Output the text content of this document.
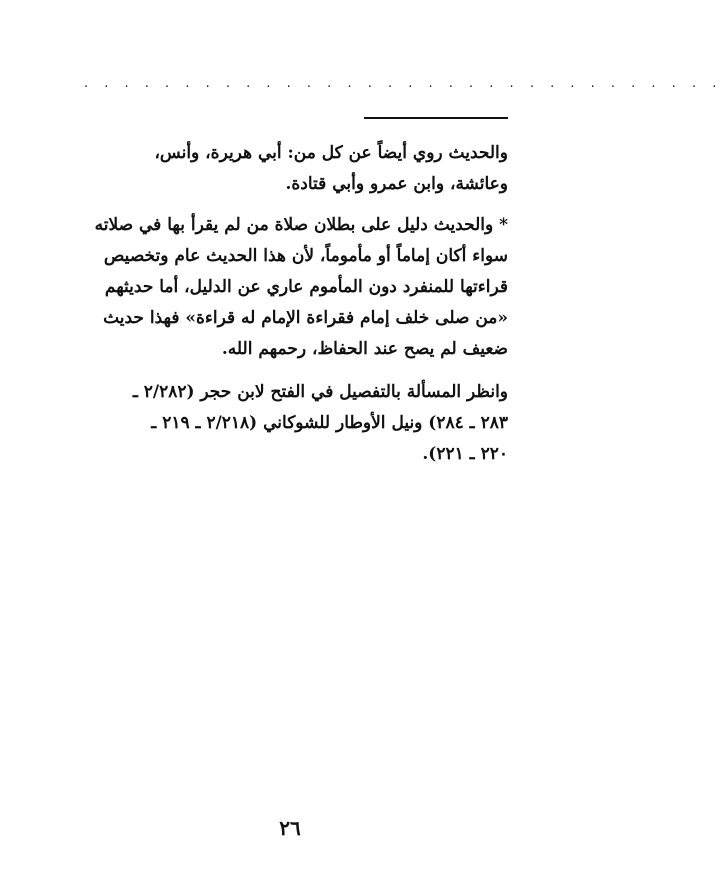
. . . . . . . . . . . . . . . . . . . . . . . . . . . . . . . .
والحديث روي أيضاً عن كل من: أبي هريرة، وأنس،
وعائشة، وابن عمرو وأبي قتادة.
* والحديث دليل على بطلان صلاة من لم يقرأ بها في صلاته
سواء أكان إماماً أو مأموماً، لأن هذا الحديث عام وتخصيص
قراءتها للمنفرد دون المأموم عاري عن الدليل، أما حديثهم
«من صلى خلف إمام فقراءة الإمام له قراءة» فهذا حديث
ضعيف لم يصح عند الحفاظ، رحمهم الله.
وانظر المسألة بالتفصيل في الفتح لابن حجر (٢/٢٨٢ ـ
٢٨٣ ـ ٢٨٤) ونيل الأوطار للشوكاني (٢/٢١٨ ـ ٢١٩ ـ
٢٢٠ ـ ٢٢١).
٢٦
